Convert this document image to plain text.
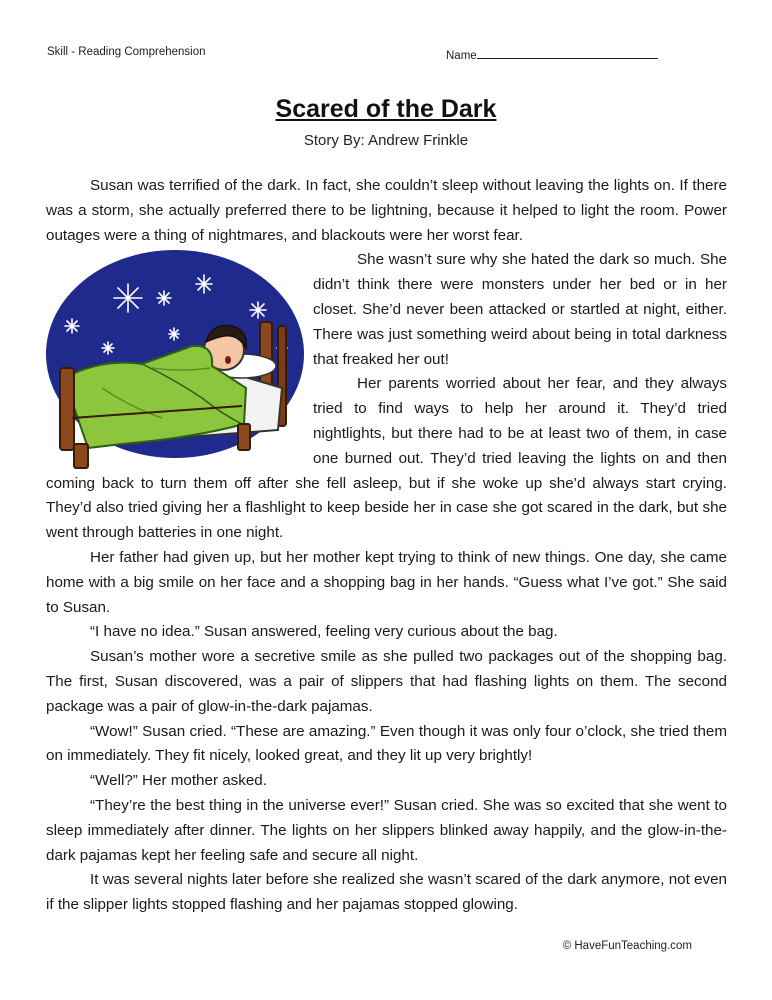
Skill - Reading Comprehension	Name
Scared of the Dark
Story By: Andrew Frinkle

Susan was terrified of the dark. In fact, she couldn’t sleep without leaving the lights on. If there was a storm, she actually preferred there to be lightning, because it helped to light the room. Power outages were a thing of nightmares, and blackouts were her worst fear.

She wasn’t sure why she hated the dark so much. She didn’t think there were monsters under her bed or in her closet. She’d never been attacked or startled at night, either. There was just something weird about being in total darkness that freaked her out!

Her parents worried about her fear, and they always tried to find ways to help her around it. They’d tried nightlights, but there had to be at least two of them, in case one burned out. They’d tried leaving the lights on and then coming back to turn them off after she fell asleep, but if she woke up she’d always start crying. They’d also tried giving her a flashlight to keep beside her in case she got scared in the dark, but she went through batteries in one night.

Her father had given up, but her mother kept trying to think of new things. One day, she came home with a big smile on her face and a shopping bag in her hands. “Guess what I’ve got.” She said to Susan.

“I have no idea.” Susan answered, feeling very curious about the bag.

Susan’s mother wore a secretive smile as she pulled two packages out of the shopping bag. The first, Susan discovered, was a pair of slippers that had flashing lights on them. The second package was a pair of glow-in-the-dark pajamas.

“Wow!” Susan cried. “These are amazing.” Even though it was only four o’clock, she tried them on immediately. They fit nicely, looked great, and they lit up very brightly!

“Well?” Her mother asked.

“They’re the best thing in the universe ever!” Susan cried. She was so excited that she went to sleep immediately after dinner. The lights on her slippers blinked away happily, and the glow-in-the-dark pajamas kept her feeling safe and secure all night.

It was several nights later before she realized she wasn’t scared of the dark anymore, not even if the slipper lights stopped flashing and her pajamas stopped glowing.

© HaveFunTeaching.com
